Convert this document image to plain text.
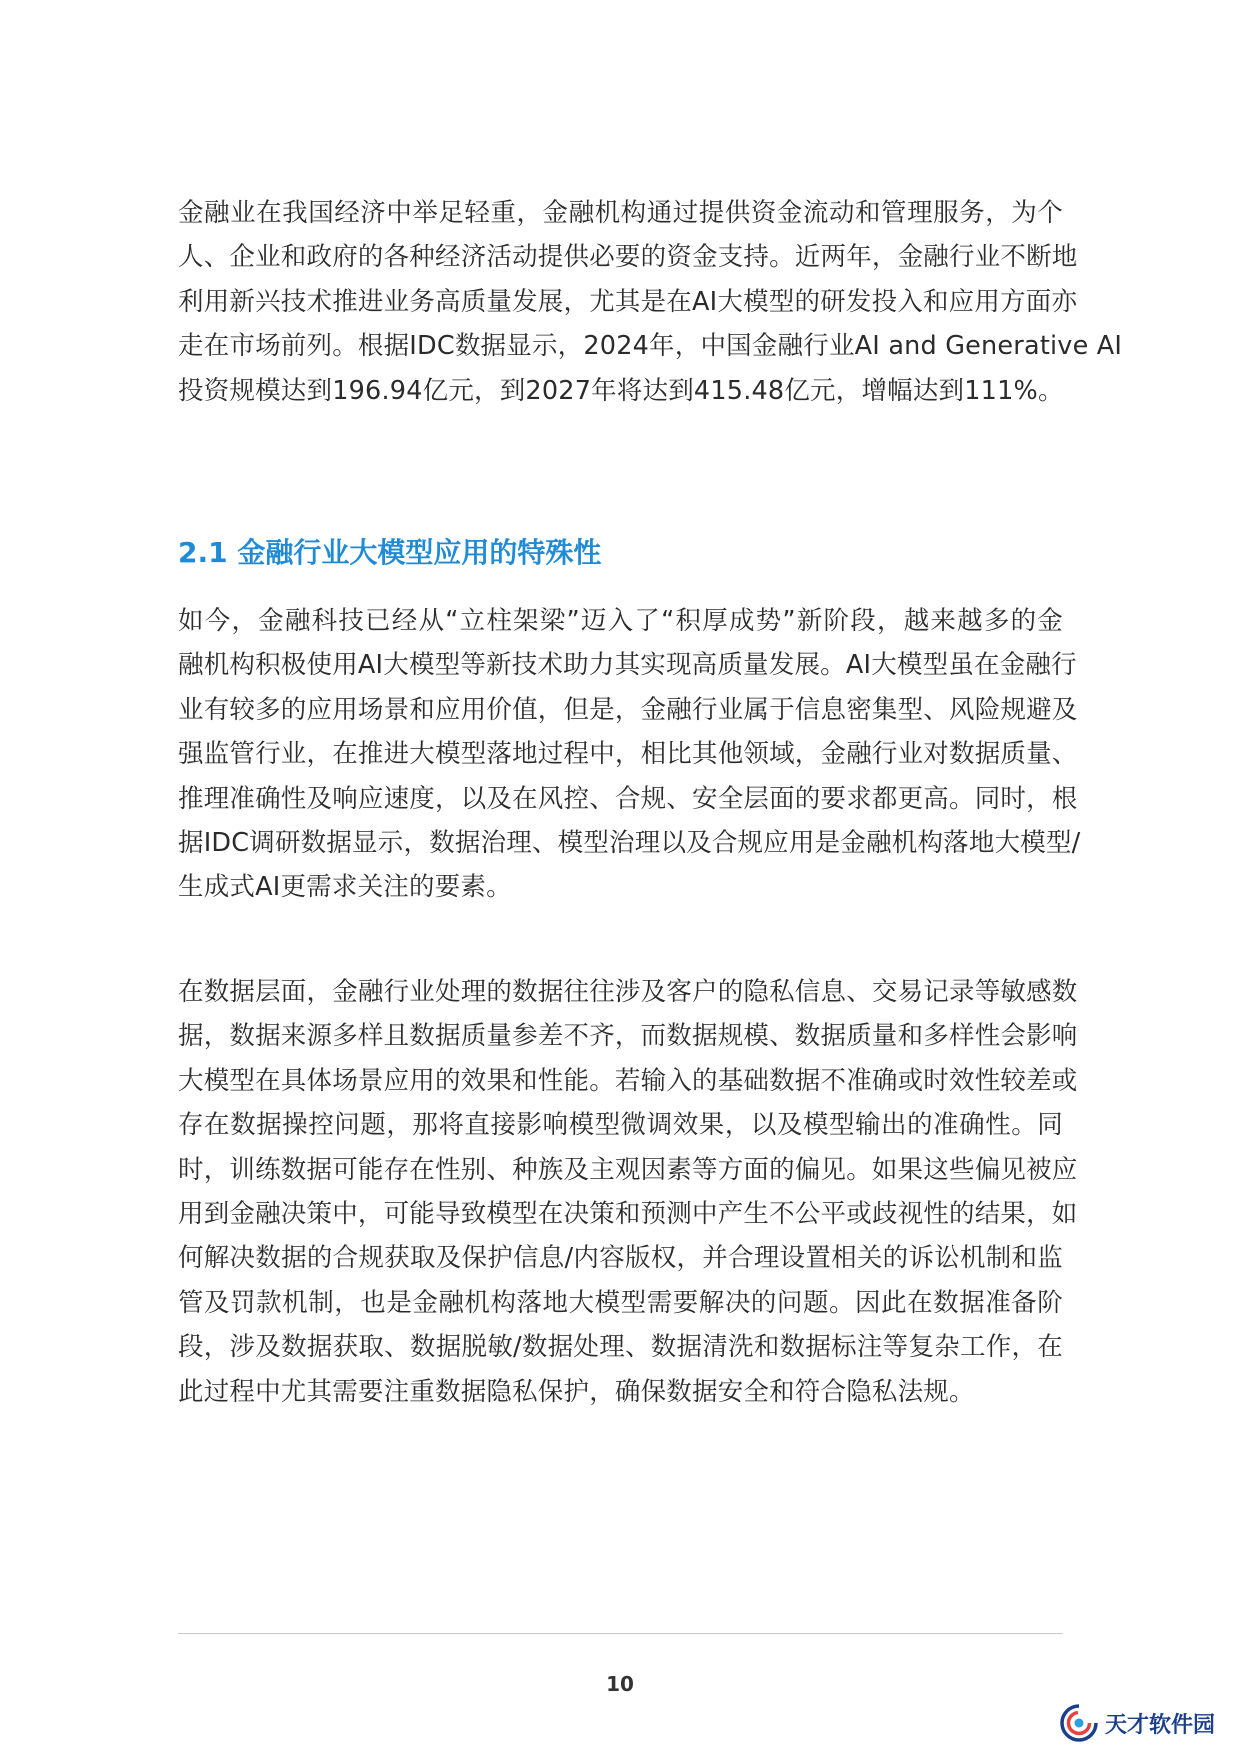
金融业在我国经济中举足轻重，金融机构通过提供资金流动和管理服务，为个
人、企业和政府的各种经济活动提供必要的资金支持。近两年，金融行业不断地
利用新兴技术推进业务高质量发展，尤其是在AI大模型的研发投入和应用方面亦
走在市场前列。根据IDC数据显示，2024年，中国金融行业AI and Generative AI
投资规模达到196.94亿元，到2027年将达到415.48亿元，增幅达到111%。
2.1 金融行业大模型应用的特殊性
如今，金融科技已经从“立柱架梁”迈入了“积厚成势”新阶段，越来越多的金
融机构积极使用AI大模型等新技术助力其实现高质量发展。AI大模型虽在金融行
业有较多的应用场景和应用价值，但是，金融行业属于信息密集型、风险规避及
强监管行业，在推进大模型落地过程中，相比其他领域，金融行业对数据质量、
推理准确性及响应速度，以及在风控、合规、安全层面的要求都更高。同时，根
据IDC调研数据显示，数据治理、模型治理以及合规应用是金融机构落地大模型/
生成式AI更需求关注的要素。
在数据层面，金融行业处理的数据往往涉及客户的隐私信息、交易记录等敏感数
据，数据来源多样且数据质量参差不齐，而数据规模、数据质量和多样性会影响
大模型在具体场景应用的效果和性能。若输入的基础数据不准确或时效性较差或
存在数据操控问题，那将直接影响模型微调效果，以及模型输出的准确性。同
时，训练数据可能存在性别、种族及主观因素等方面的偏见。如果这些偏见被应
用到金融决策中，可能导致模型在决策和预测中产生不公平或歧视性的结果，如
何解决数据的合规获取及保护信息/内容版权，并合理设置相关的诉讼机制和监
管及罚款机制，也是金融机构落地大模型需要解决的问题。因此在数据准备阶
段，涉及数据获取、数据脱敏/数据处理、数据清洗和数据标注等复杂工作，在
此过程中尤其需要注重数据隐私保护，确保数据安全和符合隐私法规。
10
天才软件园
